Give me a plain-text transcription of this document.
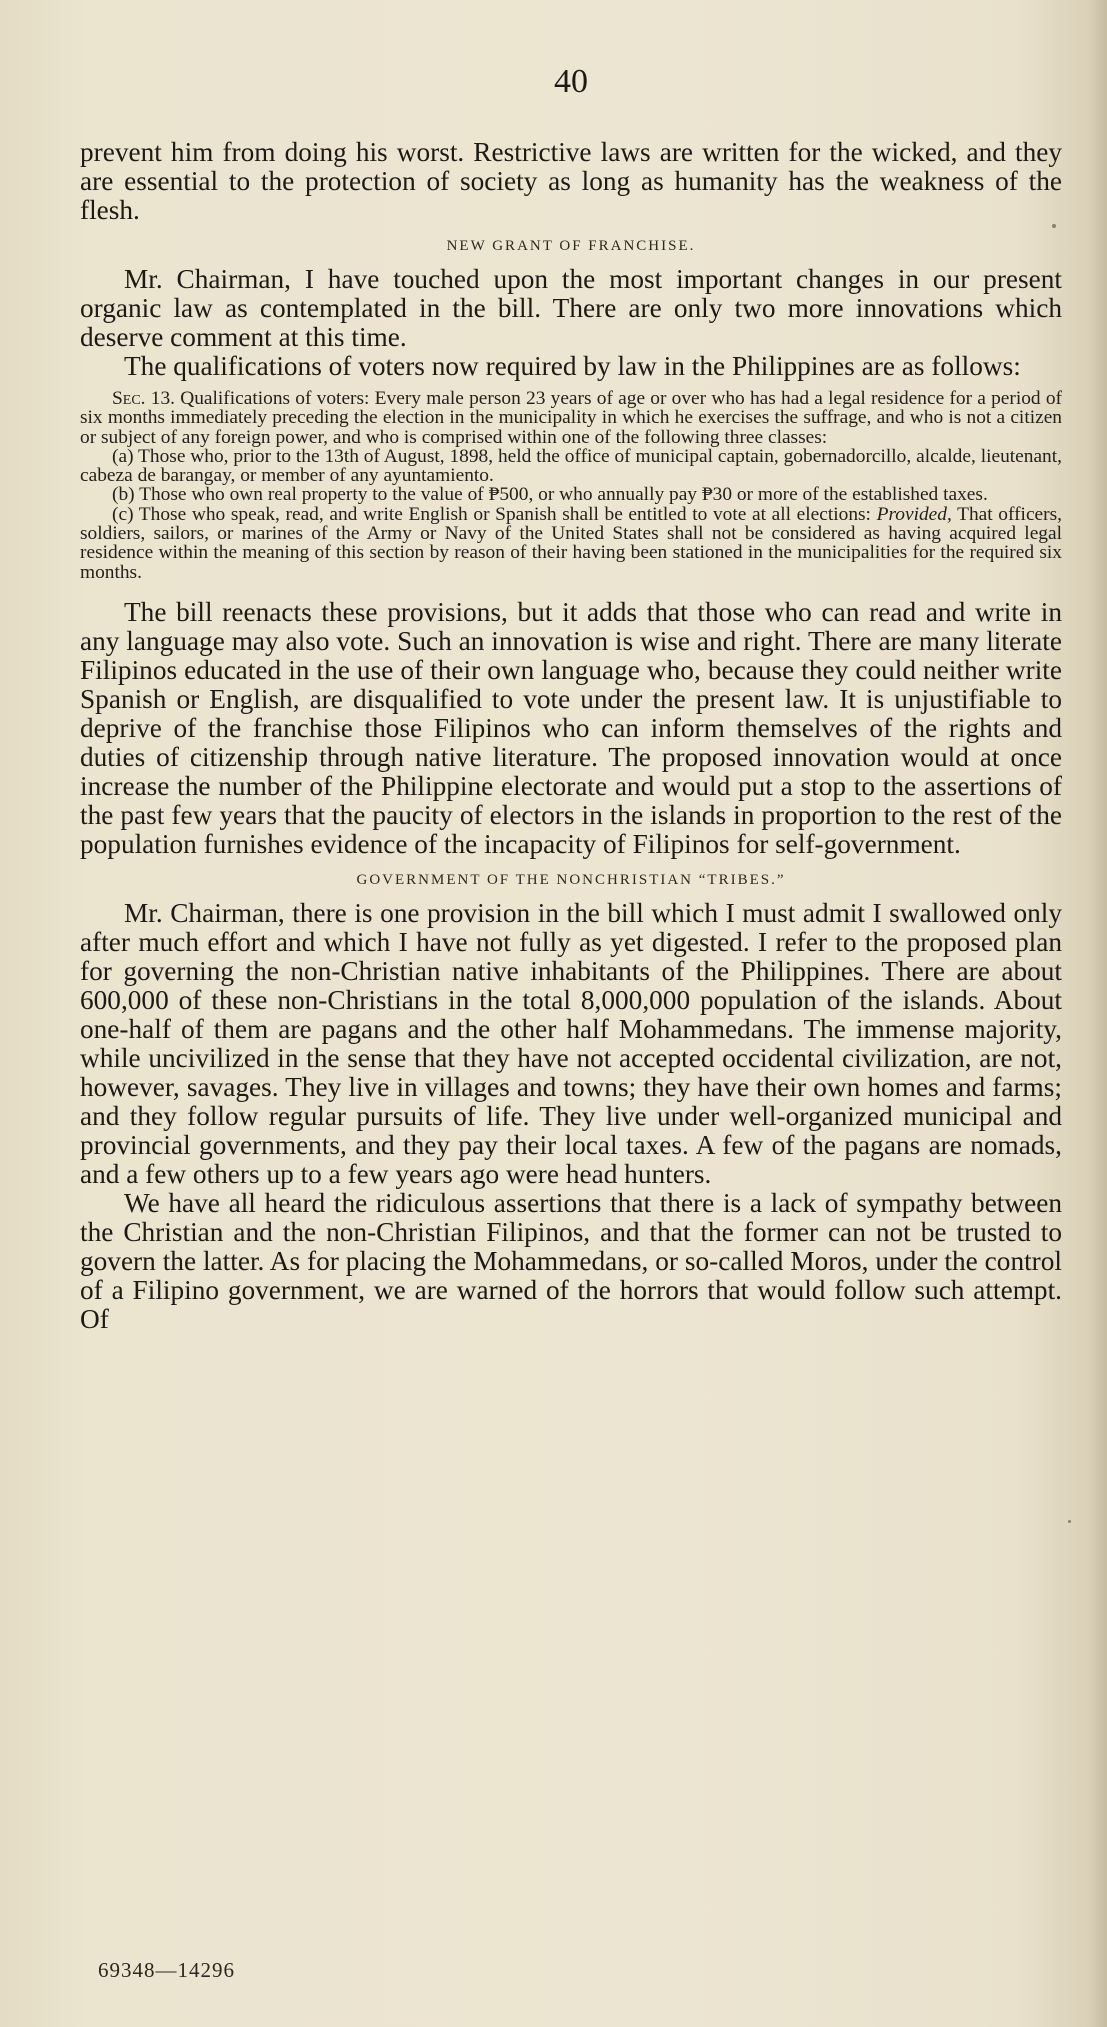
40

prevent him from doing his worst. Restrictive laws are written for the wicked, and they are essential to the protection of society as long as humanity has the weakness of the flesh.

NEW GRANT OF FRANCHISE.

Mr. Chairman, I have touched upon the most important changes in our present organic law as contemplated in the bill. There are only two more innovations which deserve comment at this time.

The qualifications of voters now required by law in the Philippines are as follows:

Sec. 13. Qualifications of voters: Every male person 23 years of age or over who has had a legal residence for a period of six months immediately preceding the election in the municipality in which he exercises the suffrage, and who is not a citizen or subject of any foreign power, and who is comprised within one of the following three classes:

(a) Those who, prior to the 13th of August, 1898, held the office of municipal captain, gobernadorcillo, alcalde, lieutenant, cabeza de barangay, or member of any ayuntamiento.

(b) Those who own real property to the value of ₱500, or who annually pay ₱30 or more of the established taxes.

(c) Those who speak, read, and write English or Spanish shall be entitled to vote at all elections: Provided, That officers, soldiers, sailors, or marines of the Army or Navy of the United States shall not be considered as having acquired legal residence within the meaning of this section by reason of their having been stationed in the municipalities for the required six months.

The bill reenacts these provisions, but it adds that those who can read and write in any language may also vote. Such an innovation is wise and right. There are many literate Filipinos educated in the use of their own language who, because they could neither write Spanish or English, are disqualified to vote under the present law. It is unjustifiable to deprive of the franchise those Filipinos who can inform themselves of the rights and duties of citizenship through native literature. The proposed innovation would at once increase the number of the Philippine electorate and would put a stop to the assertions of the past few years that the paucity of electors in the islands in proportion to the rest of the population furnishes evidence of the incapacity of Filipinos for self-government.

GOVERNMENT OF THE NONCHRISTIAN “TRIBES.”

Mr. Chairman, there is one provision in the bill which I must admit I swallowed only after much effort and which I have not fully as yet digested. I refer to the proposed plan for governing the non-Christian native inhabitants of the Philippines. There are about 600,000 of these non-Christians in the total 8,000,000 population of the islands. About one-half of them are pagans and the other half Mohammedans. The immense majority, while uncivilized in the sense that they have not accepted occidental civilization, are not, however, savages. They live in villages and towns; they have their own homes and farms; and they follow regular pursuits of life. They live under well-organized municipal and provincial governments, and they pay their local taxes. A few of the pagans are nomads, and a few others up to a few years ago were head hunters.

We have all heard the ridiculous assertions that there is a lack of sympathy between the Christian and the non-Christian Filipinos, and that the former can not be trusted to govern the latter. As for placing the Mohammedans, or so-called Moros, under the control of a Filipino government, we are warned of the horrors that would follow such attempt. Of

69348—14296
